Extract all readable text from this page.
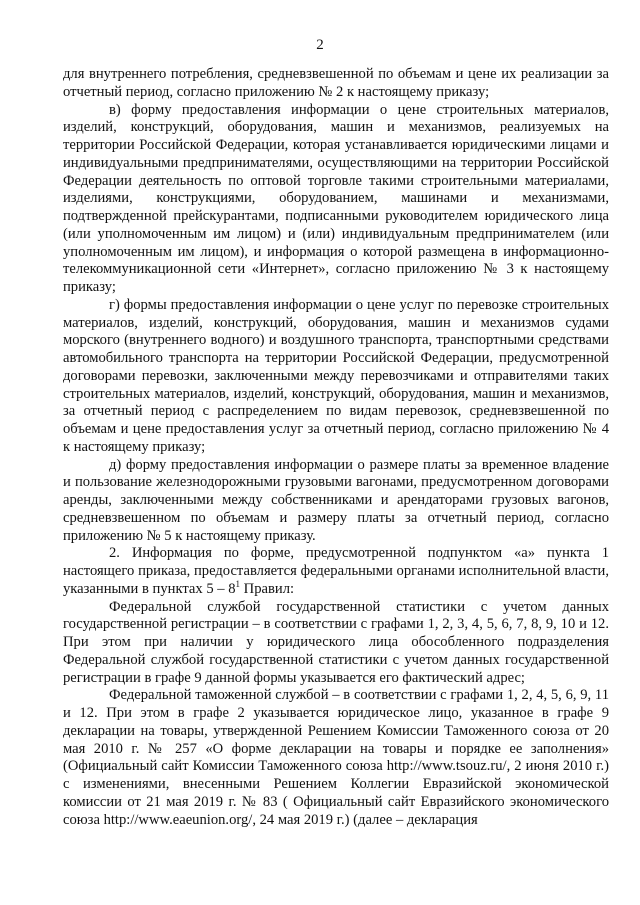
2

для внутреннего потребления, средневзвешенной по объемам и цене их реализации за отчетный период, согласно приложению № 2 к настоящему приказу;

в) форму предоставления информации о цене строительных материалов, изделий, конструкций, оборудования, машин и механизмов, реализуемых на территории Российской Федерации, которая устанавливается юридическими лицами и индивидуальными предпринимателями, осуществляющими на территории Российской Федерации деятельность по оптовой торговле такими строительными материалами, изделиями, конструкциями, оборудованием, машинами и механизмами, подтвержденной прейскурантами, подписанными руководителем юридического лица (или уполномоченным им лицом) и (или) индивидуальным предпринимателем (или уполномоченным им лицом), и информация о которой размещена в информационно-телекоммуникационной сети «Интернет», согласно приложению № 3 к настоящему приказу;

г) формы предоставления информации о цене услуг по перевозке строительных материалов, изделий, конструкций, оборудования, машин и механизмов судами морского (внутреннего водного) и воздушного транспорта, транспортными средствами автомобильного транспорта на территории Российской Федерации, предусмотренной договорами перевозки, заключенными между перевозчиками и отправителями таких строительных материалов, изделий, конструкций, оборудования, машин и механизмов, за отчетный период с распределением по видам перевозок, средневзвешенной по объемам и цене предоставления услуг за отчетный период, согласно приложению № 4 к настоящему приказу;

д) форму предоставления информации о размере платы за временное владение и пользование железнодорожными грузовыми вагонами, предусмотренном договорами аренды, заключенными между собственниками и арендаторами грузовых вагонов, средневзвешенном по объемам и размеру платы за отчетный период, согласно приложению № 5 к настоящему приказу.

2. Информация по форме, предусмотренной подпунктом «а» пункта 1 настоящего приказа, предоставляется федеральными органами исполнительной власти, указанными в пунктах $5 - 8^1$ Правил:

Федеральной службой государственной статистики с учетом данных государственной регистрации – в соответствии с графами 1, 2, 3, 4, 5, 6, 7, 8, 9, 10 и 12. При этом при наличии у юридического лица обособленного подразделения Федеральной службой государственной статистики с учетом данных государственной регистрации в графе 9 данной формы указывается его фактический адрес;

Федеральной таможенной службой – в соответствии с графами 1, 2, 4, 5, 6, 9, 11 и 12. При этом в графе 2 указывается юридическое лицо, указанное в графе 9 декларации на товары, утвержденной Решением Комиссии Таможенного союза от 20 мая 2010 г. № 257 «О форме декларации на товары и порядке ее заполнения» (Официальный сайт Комиссии Таможенного союза http://www.tsouz.ru/, 2 июня 2010 г.) с изменениями, внесенными Решением Коллегии Евразийской экономической комиссии от 21 мая 2019 г. № 83 ( Официальный сайт Евразийского экономического союза http://www.eaeunion.org/, 24 мая 2019 г.) (далее – декларация
